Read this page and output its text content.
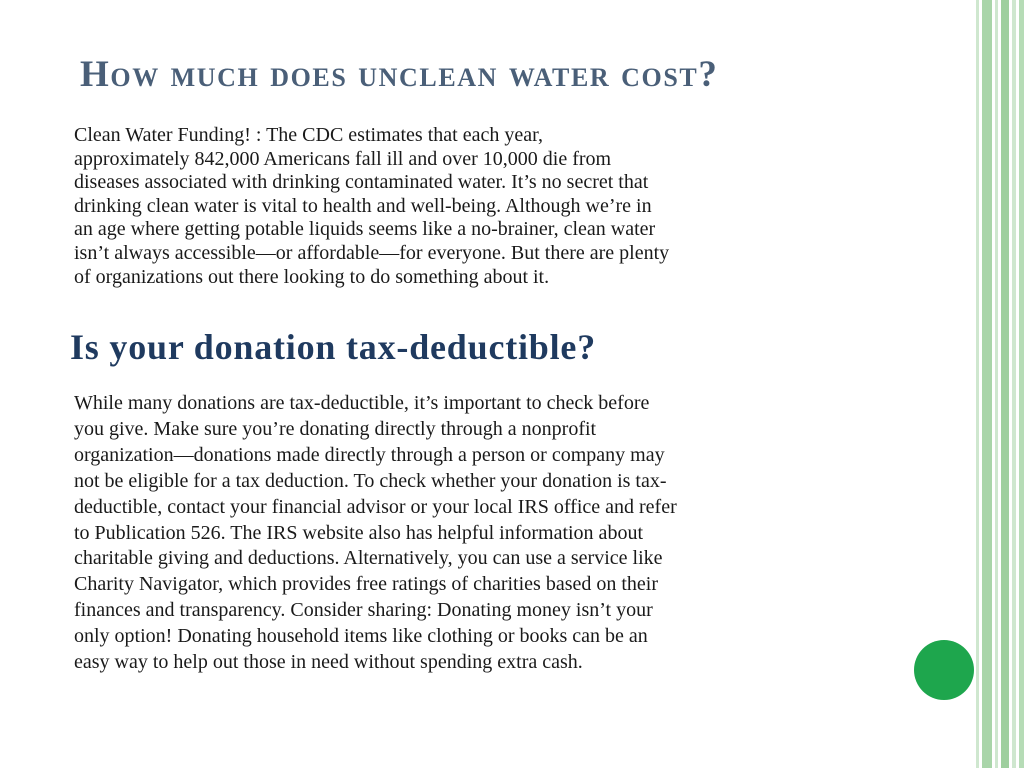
How much does unclean water cost?

Clean Water Funding! : The CDC estimates that each year,
approximately 842,000 Americans fall ill and over 10,000 die from
diseases associated with drinking contaminated water. It’s no secret that
drinking clean water is vital to health and well-being. Although we’re in
an age where getting potable liquids seems like a no-brainer, clean water
isn’t always accessible—or affordable—for everyone. But there are plenty
of organizations out there looking to do something about it.

Is your donation tax-deductible?

While many donations are tax-deductible, it’s important to check before
you give. Make sure you’re donating directly through a nonprofit
organization—donations made directly through a person or company may
not be eligible for a tax deduction. To check whether your donation is tax-
deductible, contact your financial advisor or your local IRS office and refer
to Publication 526. The IRS website also has helpful information about
charitable giving and deductions. Alternatively, you can use a service like
Charity Navigator, which provides free ratings of charities based on their
finances and transparency. Consider sharing: Donating money isn’t your
only option! Donating household items like clothing or books can be an
easy way to help out those in need without spending extra cash.
